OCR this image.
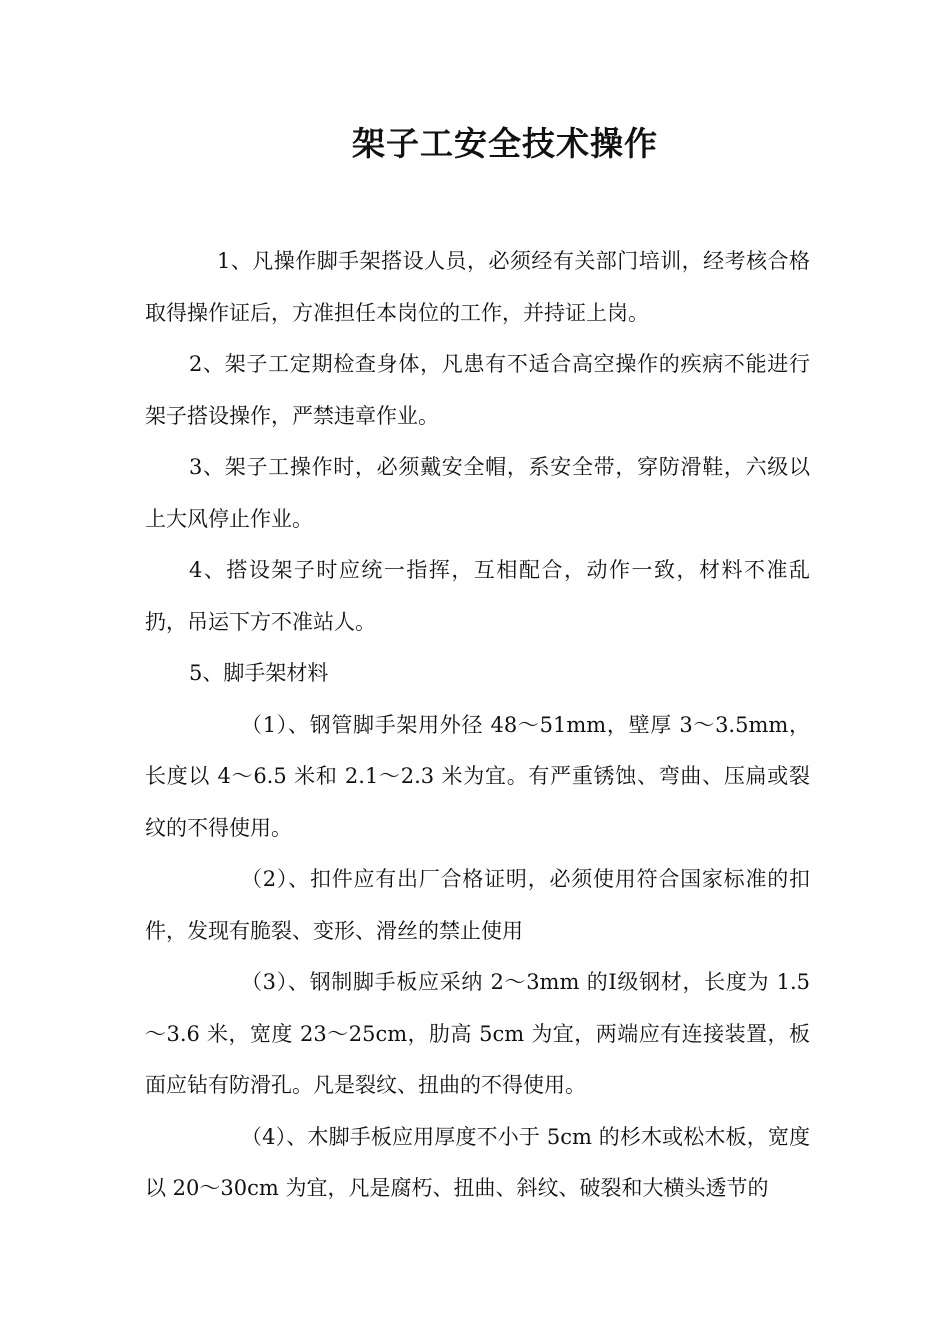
架子工安全技术操作

1、凡操作脚手架搭设人员，必须经有关部门培训，经考核合格取得操作证后，方准担任本岗位的工作，并持证上岗。

2、架子工定期检查身体，凡患有不适合高空操作的疾病不能进行架子搭设操作，严禁违章作业。

3、架子工操作时，必须戴安全帽，系安全带，穿防滑鞋，六级以上大风停止作业。

4、搭设架子时应统一指挥，互相配合，动作一致，材料不准乱扔，吊运下方不准站人。

5、脚手架材料

（1）、钢管脚手架用外径 48～51mm，壁厚 3～3.5mm，长度以 4～6.5 米和 2.1～2.3 米为宜。有严重锈蚀、弯曲、压扁或裂纹的不得使用。

（2）、扣件应有出厂合格证明，必须使用符合国家标准的扣件，发现有脆裂、变形、滑丝的禁止使用

（3）、钢制脚手板应采纳 2～3mm 的Ⅰ级钢材，长度为 1.5～3.6 米，宽度 23～25cm，肋高 5cm 为宜，两端应有连接装置，板面应钻有防滑孔。凡是裂纹、扭曲的不得使用。

（4）、木脚手板应用厚度不小于 5cm 的杉木或松木板，宽度以 20～30cm 为宜，凡是腐朽、扭曲、斜纹、破裂和大横头透节的
